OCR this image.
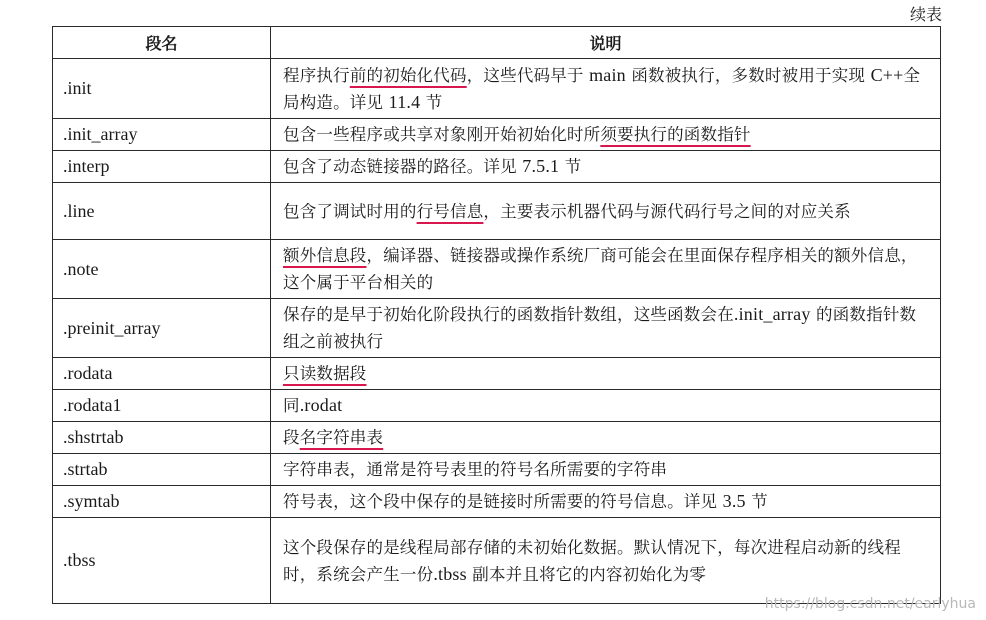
续表
段名	说明
.init	程序执行前的初始化代码，这些代码早于 main 函数被执行，多数时被用于实现 C++全局构造。详见 11.4 节
.init_array	包含一些程序或共享对象刚开始初始化时所须要执行的函数指针
.interp	包含了动态链接器的路径。详见 7.5.1 节
.line	包含了调试时用的行号信息，主要表示机器代码与源代码行号之间的对应关系
.note	额外信息段，编译器、链接器或操作系统厂商可能会在里面保存程序相关的额外信息，这个属于平台相关的
.preinit_array	保存的是早于初始化阶段执行的函数指针数组，这些函数会在.init_array 的函数指针数组之前被执行
.rodata	只读数据段
.rodata1	同.rodat
.shstrtab	段名字符串表
.strtab	字符串表，通常是符号表里的符号名所需要的字符串
.symtab	符号表，这个段中保存的是链接时所需要的符号信息。详见 3.5 节
.tbss	这个段保存的是线程局部存储的未初始化数据。默认情况下，每次进程启动新的线程时，系统会产生一份.tbss 副本并且将它的内容初始化为零
https://blog.csdn.net/earlyhua
